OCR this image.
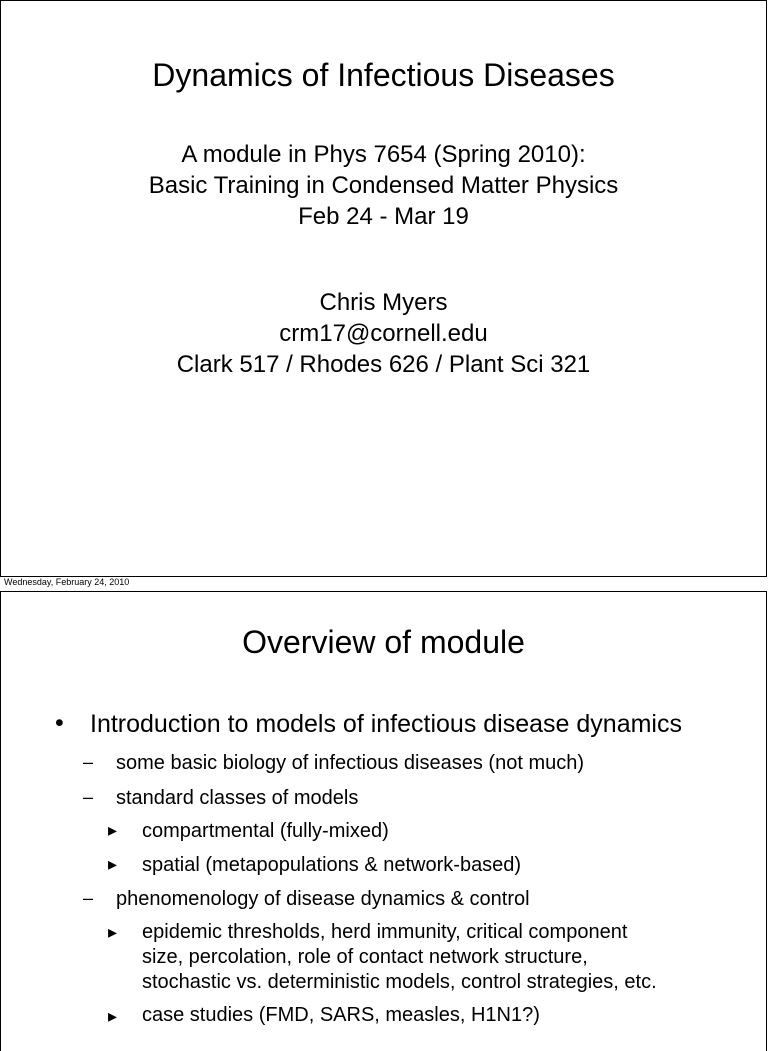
Dynamics of Infectious Diseases
A module in Phys 7654 (Spring 2010):
Basic Training in Condensed Matter Physics
Feb 24 - Mar 19
Chris Myers
crm17@cornell.edu
Clark 517 / Rhodes 626 / Plant Sci 321
Wednesday, February 24, 2010
Overview of module
• Introduction to models of infectious disease dynamics
– some basic biology of infectious diseases (not much)
– standard classes of models
▸ compartmental (fully-mixed)
▸ spatial (metapopulations & network-based)
– phenomenology of disease dynamics & control
▸ epidemic thresholds, herd immunity, critical component
size, percolation, role of contact network structure,
stochastic vs. deterministic models, control strategies, etc.
▸ case studies (FMD, SARS, measles, H1N1?)
